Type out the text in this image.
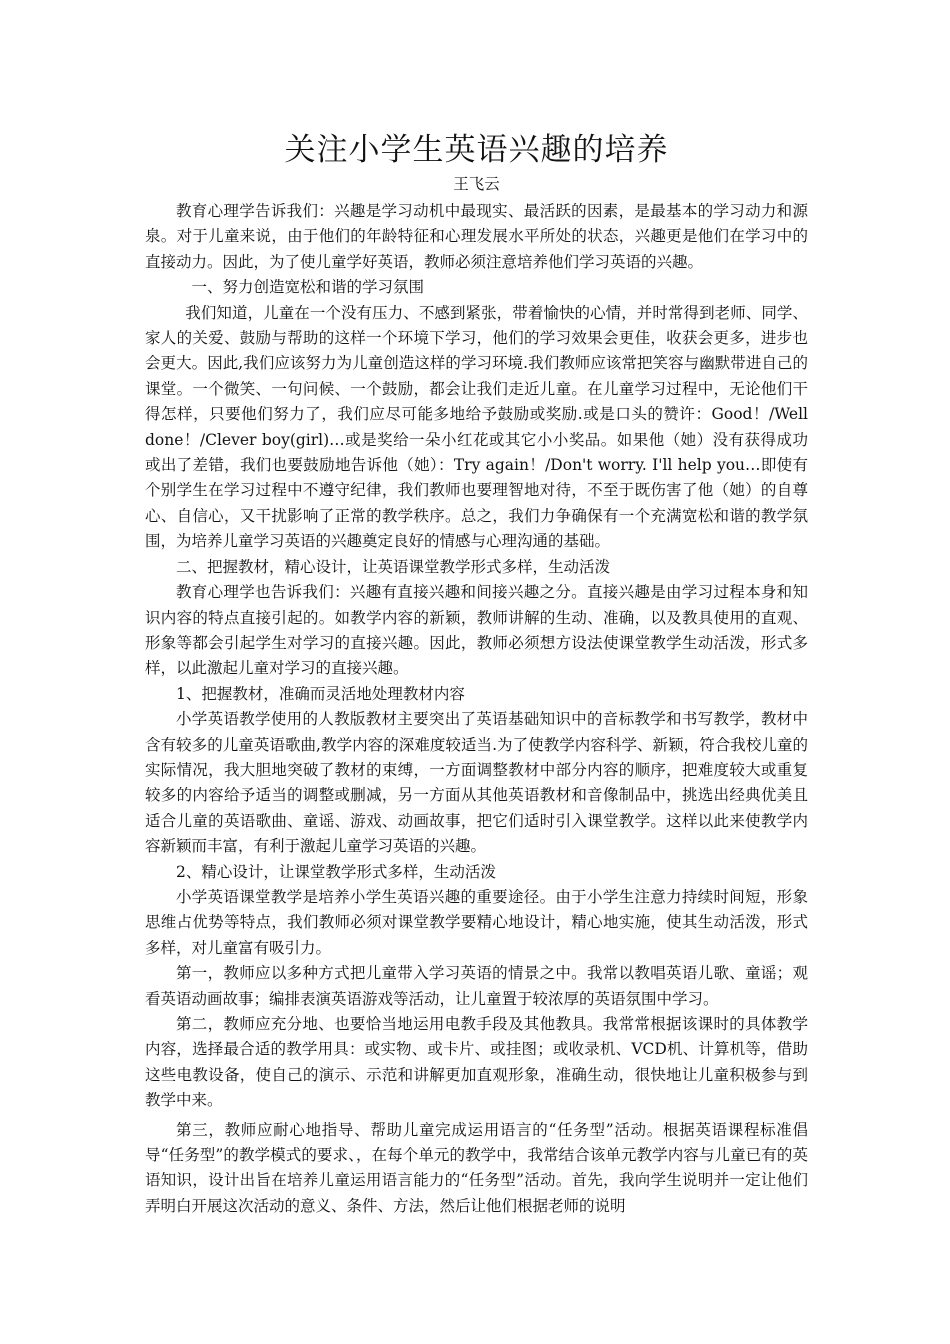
关注小学生英语兴趣的培养

王飞云

教育心理学告诉我们：兴趣是学习动机中最现实、最活跃的因素，是最基本的学习动力和源泉。对于儿童来说，由于他们的年龄特征和心理发展水平所处的状态，兴趣更是他们在学习中的直接动力。因此，为了使儿童学好英语，教师必须注意培养他们学习英语的兴趣。

一、努力创造宽松和谐的学习氛围

我们知道，儿童在一个没有压力、不感到紧张，带着愉快的心情，并时常得到老师、同学、家人的关爱、鼓励与帮助的这样一个环境下学习，他们的学习效果会更佳，收获会更多，进步也会更大。因此,我们应该努力为儿童创造这样的学习环境.我们教师应该常把笑容与幽默带进自己的课堂。一个微笑、一句问候、一个鼓励，都会让我们走近儿童。在儿童学习过程中，无论他们干得怎样，只要他们努力了，我们应尽可能多地给予鼓励或奖励.或是口头的赞许：Good！/Well done！/Clever boy(girl)…或是奖给一朵小红花或其它小小奖品。如果他（她）没有获得成功或出了差错，我们也要鼓励地告诉他（她）：Try again！/Don't worry. I'll help you…即使有个别学生在学习过程中不遵守纪律，我们教师也要理智地对待，不至于既伤害了他（她）的自尊心、自信心，又干扰影响了正常的教学秩序。总之，我们力争确保有一个充满宽松和谐的教学氛围，为培养儿童学习英语的兴趣奠定良好的情感与心理沟通的基础。

二、把握教材，精心设计，让英语课堂教学形式多样，生动活泼

教育心理学也告诉我们：兴趣有直接兴趣和间接兴趣之分。直接兴趣是由学习过程本身和知识内容的特点直接引起的。如教学内容的新颖，教师讲解的生动、准确，以及教具使用的直观、形象等都会引起学生对学习的直接兴趣。因此，教师必须想方设法使课堂教学生动活泼，形式多样，以此激起儿童对学习的直接兴趣。

1、把握教材，准确而灵活地处理教材内容

小学英语教学使用的人教版教材主要突出了英语基础知识中的音标教学和书写教学，教材中含有较多的儿童英语歌曲,教学内容的深难度较适当.为了使教学内容科学、新颖，符合我校儿童的实际情况，我大胆地突破了教材的束缚，一方面调整教材中部分内容的顺序，把难度较大或重复较多的内容给予适当的调整或删减，另一方面从其他英语教材和音像制品中，挑选出经典优美且适合儿童的英语歌曲、童谣、游戏、动画故事，把它们适时引入课堂教学。这样以此来使教学内容新颖而丰富，有利于激起儿童学习英语的兴趣。

2、精心设计，让课堂教学形式多样，生动活泼

小学英语课堂教学是培养小学生英语兴趣的重要途径。由于小学生注意力持续时间短，形象思维占优势等特点，我们教师必须对课堂教学要精心地设计，精心地实施，使其生动活泼，形式多样，对儿童富有吸引力。

第一，教师应以多种方式把儿童带入学习英语的情景之中。我常以教唱英语儿歌、童谣；观看英语动画故事；编排表演英语游戏等活动，让儿童置于较浓厚的英语氛围中学习。

第二，教师应充分地、也要恰当地运用电教手段及其他教具。我常常根据该课时的具体教学内容，选择最合适的教学用具：或实物、或卡片、或挂图；或收录机、VCD机、计算机等，借助这些电教设备，使自己的演示、示范和讲解更加直观形象，准确生动，很快地让儿童积极参与到教学中来。

第三，教师应耐心地指导、帮助儿童完成运用语言的“任务型”活动。根据英语课程标准倡导“任务型”的教学模式的要求、，在每个单元的教学中，我常结合该单元教学内容与儿童已有的英语知识，设计出旨在培养儿童运用语言能力的“任务型”活动。首先，我向学生说明并一定让他们弄明白开展这次活动的意义、条件、方法，然后让他们根据老师的说明
